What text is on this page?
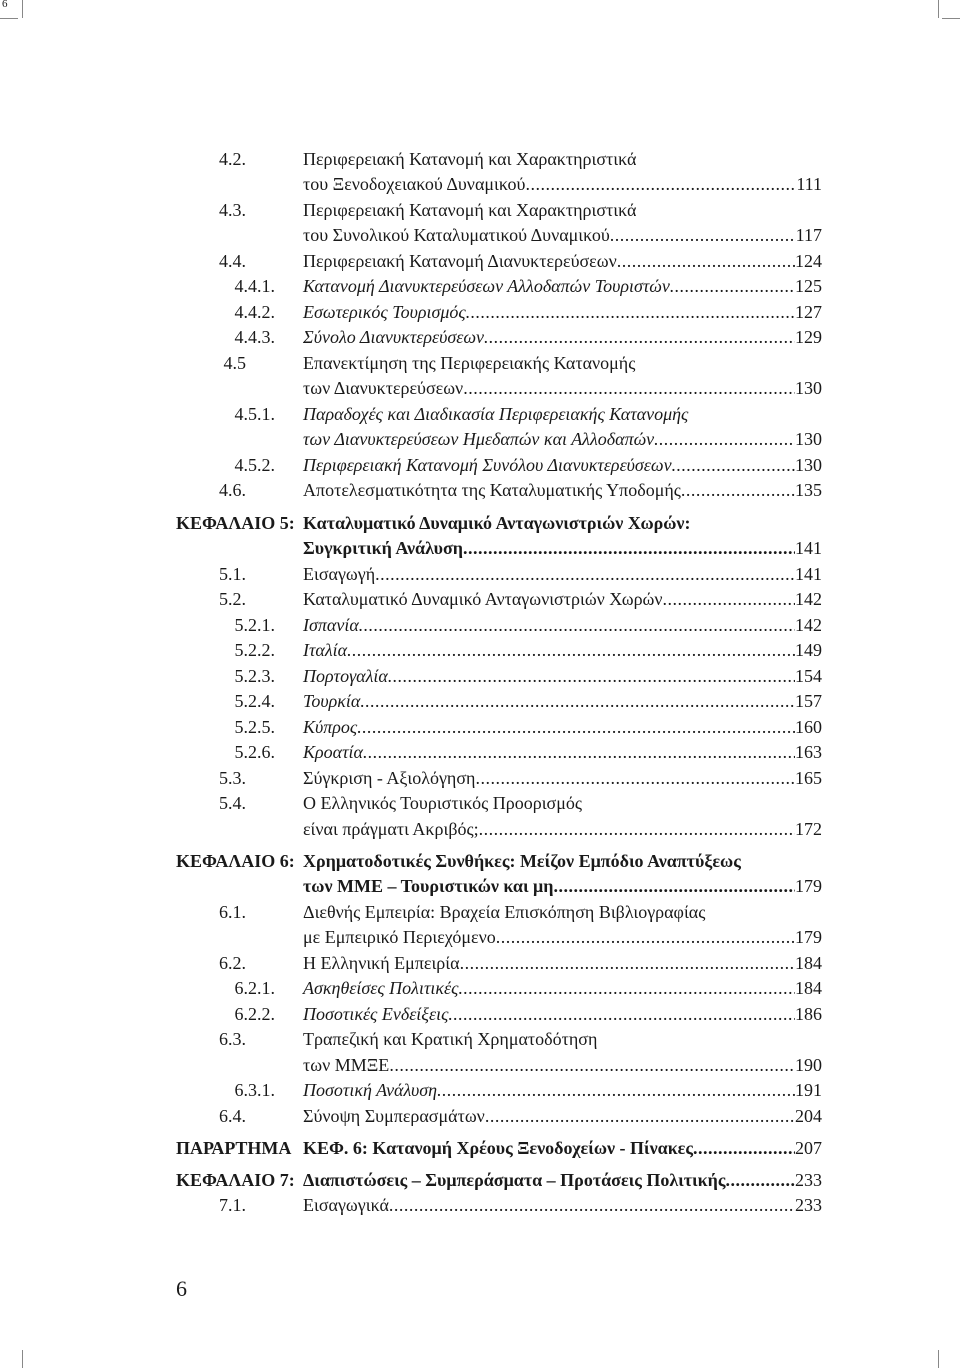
6
4.2.	Περιφερειακή Κατανομή και Χαρακτηριστικά
του Ξενοδοχειακού Δυναμικού .....	111
4.3.	Περιφερειακή Κατανομή και Χαρακτηριστικά
του Συνολικού Καταλυματικού Δυναμικού .....	117
4.4.	Περιφερειακή Κατανομή Διανυκτερεύσεων .....	124
4.4.1. Κατανομή Διανυκτερεύσεων Αλλοδαπών Τουριστών .....	125
4.4.2. Εσωτερικός Τουρισμός .....	127
4.4.3. Σύνολο Διανυκτερεύσεων .....	129
4.5	Επανεκτίμηση της Περιφερειακής Κατανομής
των Διανυκτερεύσεων .....	130
4.5.1. Παραδοχές και Διαδικασία Περιφερειακής Κατανομής
των Διανυκτερεύσεων Ημεδαπών και Αλλοδαπών .....	130
4.5.2. Περιφερειακή Κατανομή Συνόλου Διανυκτερεύσεων .....	130
4.6.	Αποτελεσματικότητα της Καταλυματικής Υποδομής .....	135
ΚΕΦΑΛΑΙΟ 5: Καταλυματικό Δυναμικό Ανταγωνιστριών Χωρών:
Συγκριτική Ανάλυση .....	141
5.1.	Εισαγωγή .....	141
5.2.	Καταλυματικό Δυναμικό Ανταγωνιστριών Χωρών .....	142
5.2.1. Ισπανία .....	142
5.2.2. Ιταλία .....	149
5.2.3. Πορτογαλία .....	154
5.2.4. Τουρκία .....	157
5.2.5. Κύπρος .....	160
5.2.6. Κροατία .....	163
5.3.	Σύγκριση - Αξιολόγηση .....	165
5.4.	Ο Ελληνικός Τουριστικός Προορισμός
είναι πράγματι Ακριβός; .....	172
ΚΕΦΑΛΑΙΟ 6: Χρηματοδοτικές Συνθήκες: Μείζον Εμπόδιο Αναπτύξεως
των ΜΜΕ – Τουριστικών και μη .....	179
6.1.	Διεθνής Εμπειρία: Βραχεία Επισκόπηση Βιβλιογραφίας
με Εμπειρικό Περιεχόμενο .....	179
6.2.	Η Ελληνική Εμπειρία .....	184
6.2.1. Ασκηθείσες Πολιτικές .....	184
6.2.2. Ποσοτικές Ενδείξεις .....	186
6.3.	Τραπεζική και Κρατική Χρηματοδότηση
των ΜΜΞΕ .....	190
6.3.1. Ποσοτική Ανάλυση .....	191
6.4.	Σύνοψη Συμπερασμάτων .....	204
ΠΑΡΑΡΤΗΜΑ ΚΕΦ. 6: Κατανομή Χρέους Ξενοδοχείων - Πίνακες .....	207
ΚΕΦΑΛΑΙΟ 7: Διαπιστώσεις – Συμπεράσματα – Προτάσεις Πολιτικής .....	233
7.1.	Εισαγωγικά .....	233
6
